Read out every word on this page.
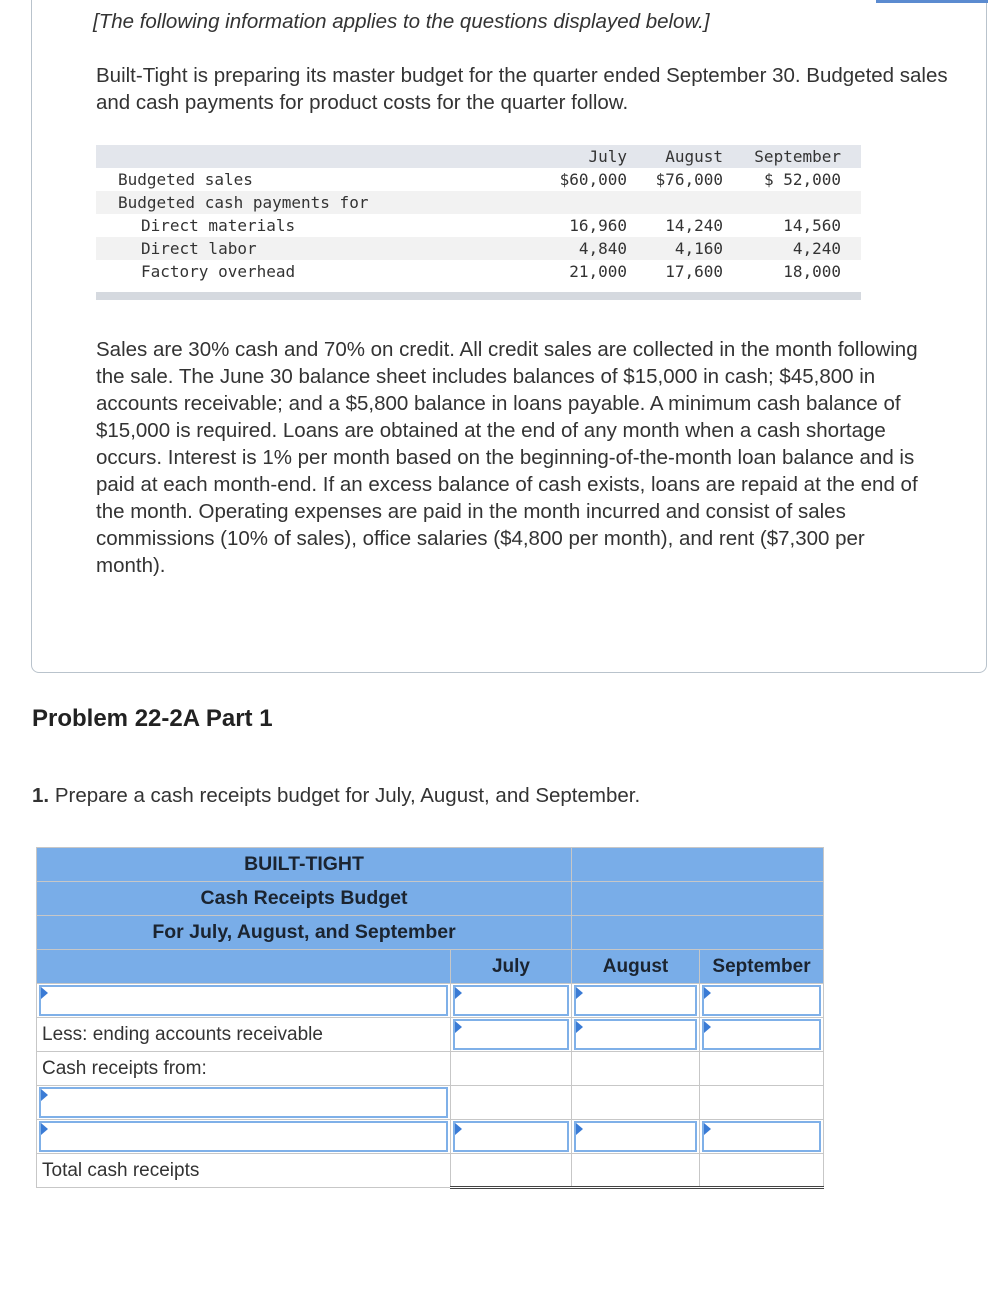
[The following information applies to the questions displayed below.]
Built-Tight is preparing its master budget for the quarter ended September 30. Budgeted sales and cash payments for product costs for the quarter follow.
July August September
Budgeted sales	$60,000 $76,000	$ 52,000
Budgeted cash payments for
Direct materials	16,960 14,240	14,560
Direct labor	4,840	4,160	4,240
Factory overhead	21,000 17,600	18,000
Sales are 30% cash and 70% on credit. All credit sales are collected in the month following the sale. The June 30 balance sheet includes balances of $15,000 in cash; $45,800 in accounts receivable; and a $5,800 balance in loans payable. A minimum cash balance of $15,000 is required. Loans are obtained at the end of any month when a cash shortage occurs. Interest is 1% per month based on the beginning-of-the-month loan balance and is paid at each month-end. If an excess balance of cash exists, loans are repaid at the end of the month. Operating expenses are paid in the month incurred and consist of sales commissions (10% of sales), office salaries ($4,800 per month), and rent ($7,300 per month).
Problem 22-2A Part 1
1. Prepare a cash receipts budget for July, August, and September.
BUILT-TIGHT			
Cash Receipts Budget			
For July, August, and September			
	July	August	September

Less: ending accounts receivable	

Cash receipts from:			

Total cash receipts			
